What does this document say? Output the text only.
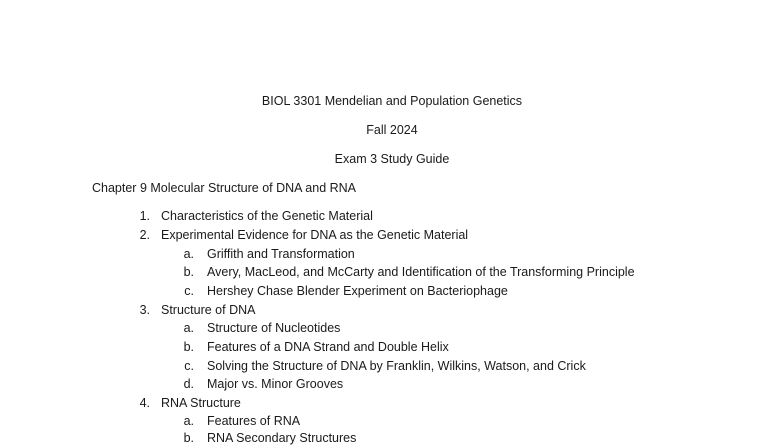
BIOL 3301 Mendelian and Population Genetics
Fall 2024
Exam 3 Study Guide
Chapter 9 Molecular Structure of DNA and RNA
1. Characteristics of the Genetic Material
2. Experimental Evidence for DNA as the Genetic Material
a. Griffith and Transformation
b. Avery, MacLeod, and McCarty and Identification of the Transforming Principle
c. Hershey Chase Blender Experiment on Bacteriophage
3. Structure of DNA
a. Structure of Nucleotides
b. Features of a DNA Strand and Double Helix
c. Solving the Structure of DNA by Franklin, Wilkins, Watson, and Crick
d. Major vs. Minor Grooves
4. RNA Structure
a. Features of RNA
b. RNA Secondary Structures
